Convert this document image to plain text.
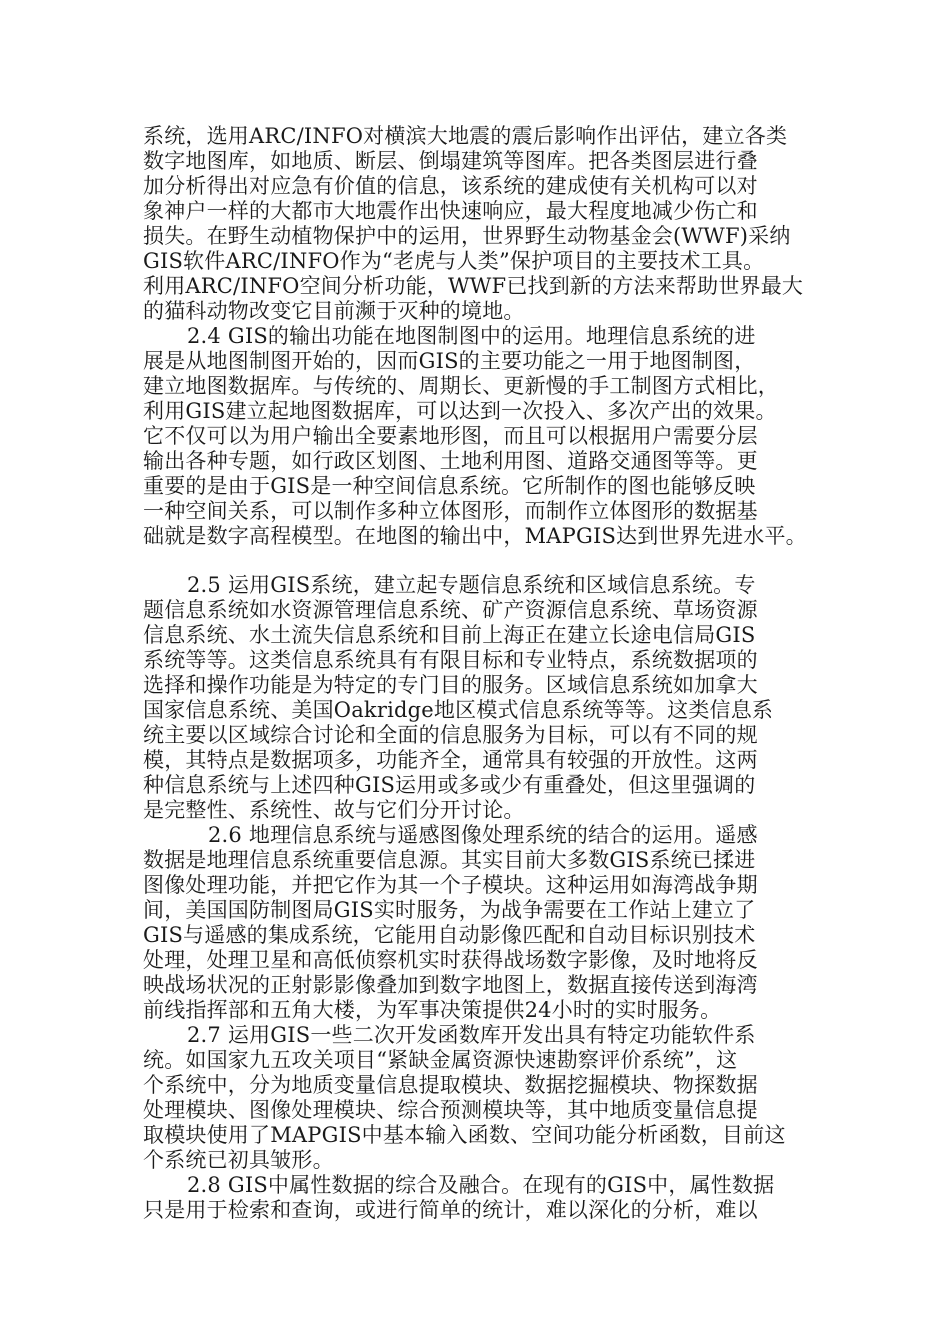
系统，选用ARC/INFO对横滨大地震的震后影响作出评估，建立各类
数字地图库，如地质、断层、倒塌建筑等图库。把各类图层进行叠
加分析得出对应急有价值的信息，该系统的建成使有关机构可以对
象神户一样的大都市大地震作出快速响应，最大程度地减少伤亡和
损失。在野生动植物保护中的运用，世界野生动物基金会(WWF)采纳
GIS软件ARC/INFO作为“老虎与人类”保护项目的主要技术工具。
利用ARC/INFO空间分析功能，WWF已找到新的方法来帮助世界最大
的猫科动物改变它目前濒于灭种的境地。
2.4 GIS的输出功能在地图制图中的运用。地理信息系统的进
展是从地图制图开始的，因而GIS的主要功能之一用于地图制图，
建立地图数据库。与传统的、周期长、更新慢的手工制图方式相比，
利用GIS建立起地图数据库，可以达到一次投入、多次产出的效果。
它不仅可以为用户输出全要素地形图，而且可以根据用户需要分层
输出各种专题，如行政区划图、土地利用图、道路交通图等等。更
重要的是由于GIS是一种空间信息系统。它所制作的图也能够反映
一种空间关系，可以制作多种立体图形，而制作立体图形的数据基
础就是数字高程模型。在地图的输出中，MAPGIS达到世界先进水平。
2.5 运用GIS系统，建立起专题信息系统和区域信息系统。专
题信息系统如水资源管理信息系统、矿产资源信息系统、草场资源
信息系统、水土流失信息系统和目前上海正在建立长途电信局GIS
系统等等。这类信息系统具有有限目标和专业特点，系统数据项的
选择和操作功能是为特定的专门目的服务。区域信息系统如加拿大
国家信息系统、美国Oakridge地区模式信息系统等等。这类信息系
统主要以区域综合讨论和全面的信息服务为目标，可以有不同的规
模，其特点是数据项多，功能齐全，通常具有较强的开放性。这两
种信息系统与上述四种GIS运用或多或少有重叠处，但这里强调的
是完整性、系统性、故与它们分开讨论。
2.6 地理信息系统与遥感图像处理系统的结合的运用。遥感
数据是地理信息系统重要信息源。其实目前大多数GIS系统已揉进
图像处理功能，并把它作为其一个子模块。这种运用如海湾战争期
间，美国国防制图局GIS实时服务，为战争需要在工作站上建立了
GIS与遥感的集成系统，它能用自动影像匹配和自动目标识别技术
处理，处理卫星和高低侦察机实时获得战场数字影像，及时地将反
映战场状况的正射影影像叠加到数字地图上，数据直接传送到海湾
前线指挥部和五角大楼，为军事决策提供24小时的实时服务。
2.7 运用GIS一些二次开发函数库开发出具有特定功能软件系
统。如国家九五攻关项目“紧缺金属资源快速勘察评价系统”，这
个系统中，分为地质变量信息提取模块、数据挖掘模块、物探数据
处理模块、图像处理模块、综合预测模块等，其中地质变量信息提
取模块使用了MAPGIS中基本输入函数、空间功能分析函数，目前这
个系统已初具皱形。
2.8 GIS中属性数据的综合及融合。在现有的GIS中，属性数据
只是用于检索和查询，或进行简单的统计，难以深化的分析，难以
